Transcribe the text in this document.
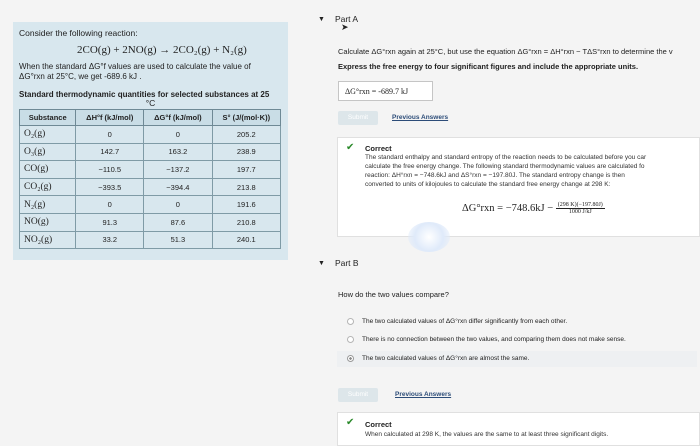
Consider the following reaction:
2CO(g) + 2NO(g) → 2CO₂(g) + N₂(g)
When the standard ΔG°f values are used to calculate the value of
ΔG°rxn at 25°C, we get -689.6 kJ .
Standard thermodynamic quantities for selected substances at 25
°C
Substance	ΔH°f (kJ/mol)	ΔG°f (kJ/mol)	S° (J/(mol·K))
O₂(g)	0	0	205.2
O₃(g)	142.7	163.2	238.9
CO(g)	−110.5	−137.2	197.7
CO₂(g)	−393.5	−394.4	213.8
N₂(g)	0	0	191.6
NO(g)	91.3	87.6	210.8
NO₂(g)	33.2	51.3	240.1
▼ Part A
➤
Calculate ΔG°rxn again at 25°C, but use the equation ΔG°rxn = ΔH°rxn − TΔS°rxn to determine the v
Express the free energy to four significant figures and include the appropriate units.
ΔG°rxn = -689.7 kJ
Submit	Previous Answers
✔ Correct
The standard enthalpy and standard entropy of the reaction needs to be calculated before you car
calculate the free energy change. The following standard thermodynamic values are calculated fo
reaction: ΔH°rxn = −748.6kJ and ΔS°rxn = −197.80J. The standard entropy change is then
converted to units of kilojoules to calculate the standard free energy change at 298 K:
$\Delta G^\circ rxn = -748.6kJ - \frac{(298 K)(-197.80J)}{1000 J/kJ}$
▼ Part B
How do the two values compare?
The two calculated values of ΔG°rxn differ significantly from each other.
There is no connection between the two values, and comparing them does not make sense.
The two calculated values of ΔG°rxn are almost the same.
Submit	Previous Answers
✔ Correct
When calculated at 298 K, the values are the same to at least three significant digits.
